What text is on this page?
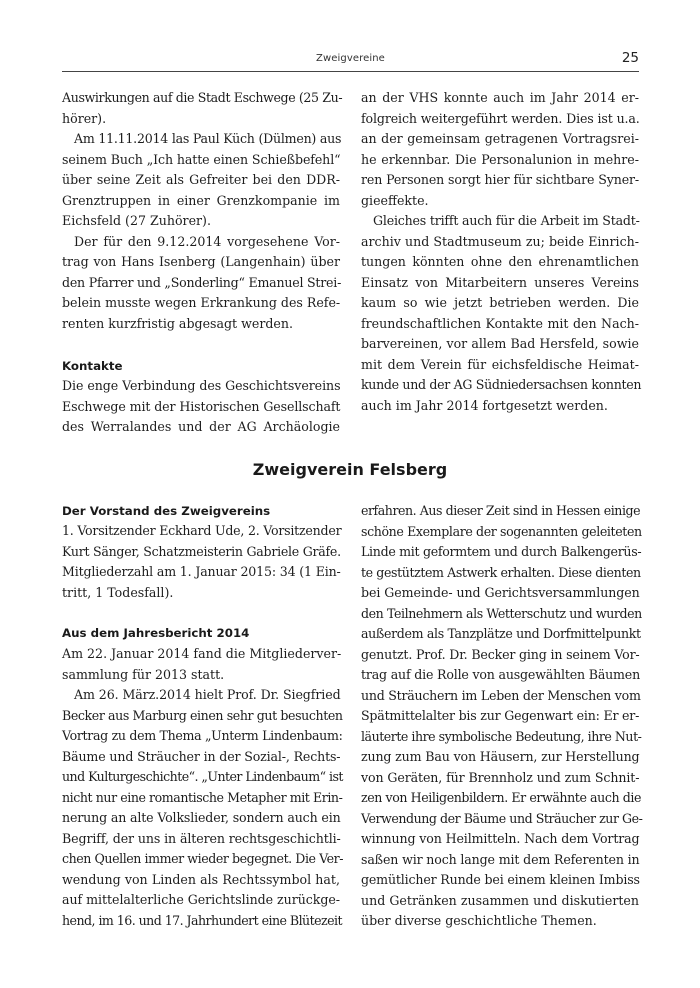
Zweigvereine	25
Auswirkungen auf die Stadt Eschwege (25 Zu-
hörer).
Am 11.11.2014 las Paul Küch (Dülmen) aus
seinem Buch „Ich hatte einen Schießbefehl“
über seine Zeit als Gefreiter bei den DDR-
Grenztruppen in einer Grenzkompanie im
Eichsfeld (27 Zuhörer).
Der für den 9.12.2014 vorgesehene Vor-
trag von Hans Isenberg (Langenhain) über
den Pfarrer und „Sonderling“ Emanuel Strei-
belein musste wegen Erkrankung des Refe-
renten kurzfristig abgesagt werden.
Kontakte
Die enge Verbindung des Geschichtsvereins
Eschwege mit der Historischen Gesellschaft
des Werralandes und der AG Archäologie
an der VHS konnte auch im Jahr 2014 er-
folgreich weitergeführt werden. Dies ist u.a.
an der gemeinsam getragenen Vortragsrei-
he erkennbar. Die Personalunion in mehre-
ren Personen sorgt hier für sichtbare Syner-
gieeffekte.
Gleiches trifft auch für die Arbeit im Stadt-
archiv und Stadtmuseum zu; beide Einrich-
tungen könnten ohne den ehrenamtlichen
Einsatz von Mitarbeitern unseres Vereins
kaum so wie jetzt betrieben werden. Die
freundschaftlichen Kontakte mit den Nach-
barvereinen, vor allem Bad Hersfeld, sowie
mit dem Verein für eichsfeldische Heimat-
kunde und der AG Südniedersachsen konnten
auch im Jahr 2014 fortgesetzt werden.
Zweigverein Felsberg
Der Vorstand des Zweigvereins
1. Vorsitzender Eckhard Ude, 2. Vorsitzender
Kurt Sänger, Schatzmeisterin Gabriele Gräfe.
Mitgliederzahl am 1. Januar 2015: 34 (1 Ein-
tritt, 1 Todesfall).
Aus dem Jahresbericht 2014
Am 22. Januar 2014 fand die Mitgliederver-
sammlung für 2013 statt.
Am 26. März.2014 hielt Prof. Dr. Siegfried
Becker aus Marburg einen sehr gut besuchten
Vortrag zu dem Thema „Unterm Lindenbaum:
Bäume und Sträucher in der Sozial-, Rechts-
und Kulturgeschichte“. „Unter Lindenbaum“ ist
nicht nur eine romantische Metapher mit Erin-
nerung an alte Volkslieder, sondern auch ein
Begriff, der uns in älteren rechtsgeschichtli-
chen Quellen immer wieder begegnet. Die Ver-
wendung von Linden als Rechtssymbol hat,
auf mittelalterliche Gerichtslinde zurückge-
hend, im 16. und 17. Jahrhundert eine Blütezeit
erfahren. Aus dieser Zeit sind in Hessen einige
schöne Exemplare der sogenannten geleiteten
Linde mit geformtem und durch Balkengerüs-
te gestütztem Astwerk erhalten. Diese dienten
bei Gemeinde- und Gerichtsversammlungen
den Teilnehmern als Wetterschutz und wurden
außerdem als Tanzplätze und Dorfmittelpunkt
genutzt. Prof. Dr. Becker ging in seinem Vor-
trag auf die Rolle von ausgewählten Bäumen
und Sträuchern im Leben der Menschen vom
Spätmittelalter bis zur Gegenwart ein: Er er-
läuterte ihre symbolische Bedeutung, ihre Nut-
zung zum Bau von Häusern, zur Herstellung
von Geräten, für Brennholz und zum Schnit-
zen von Heiligenbildern. Er erwähnte auch die
Verwendung der Bäume und Sträucher zur Ge-
winnung von Heilmitteln. Nach dem Vortrag
saßen wir noch lange mit dem Referenten in
gemütlicher Runde bei einem kleinen Imbiss
und Getränken zusammen und diskutierten
über diverse geschichtliche Themen.
